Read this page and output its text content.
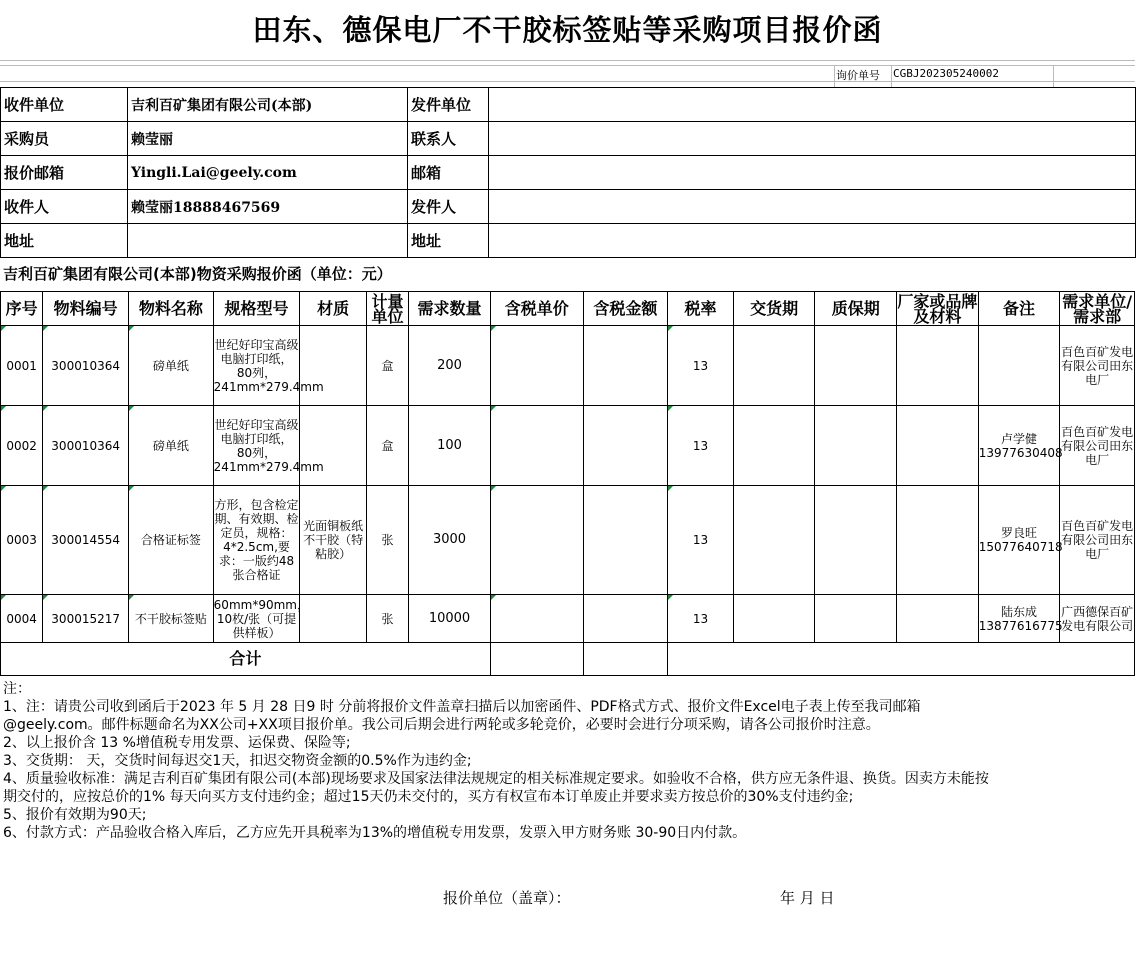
田东、德保电厂不干胶标签贴等采购项目报价函
询价单号 CGBJ202305240002
收件单位	吉利百矿集团有限公司(本部)	发件单位	
采购员	赖莹丽	联系人	
报价邮箱	Yingli.Lai@geely.com	邮箱	
收件人	赖莹丽18888467569	发件人	
地址		地址	
吉利百矿集团有限公司(本部)物资采购报价函（单位：元）
序号	物料编号	物料名称	规格型号	材质	计量单位	需求数量	含税单价	含税金额	税率	交货期	质保期	厂家或品牌及材料	备注	需求单位/需求部
0001	300010364	磅单纸	世纪好印宝高级电脑打印纸，80列，241mm*279.4mm		盒	200			13					百色百矿发电有限公司田东电厂
0002	300010364	磅单纸	世纪好印宝高级电脑打印纸，80列，241mm*279.4mm		盒	100			13				卢学健13977630408	百色百矿发电有限公司田东电厂
0003	300014554	合格证标签	方形，包含检定期、有效期、检定员，规格：4*2.5cm,要求：一版约48张合格证	光面铜板纸不干胶（特粘胶）	张	3000			13				罗良旺15077640718	百色百矿发电有限公司田东电厂
0004	300015217	不干胶标签贴	60mm*90mm，10枚/张（可提供样板）		张	10000			13				陆东成13877616775	广西德保百矿发电有限公司
合计														
注：
1、注：请贵公司收到函后于2023 年 5 月 28 日9 时 分前将报价文件盖章扫描后以加密函件、PDF格式方式、报价文件Excel电子表上传至我司邮箱
@geely.com。邮件标题命名为XX公司+XX项目报价单。我公司后期会进行两轮或多轮竞价，必要时会进行分项采购，请各公司报价时注意。
2、以上报价含 13 %增值税专用发票、运保费、保险等;
3、交货期： 天，交货时间每迟交1天，扣迟交物资金额的0.5%作为违约金;
4、质量验收标准：满足吉利百矿集团有限公司(本部)现场要求及国家法律法规规定的相关标准规定要求。如验收不合格，供方应无条件退、换货。因卖方未能按
期交付的，应按总价的1% 每天向买方支付违约金；超过15天仍未交付的，买方有权宣布本订单废止并要求卖方按总价的30%支付违约金;
5、报价有效期为90天;
6、付款方式：产品验收合格入库后，乙方应先开具税率为13%的增值税专用发票，发票入甲方财务账 30-90日内付款。
报价单位（盖章）：	年 月 日
